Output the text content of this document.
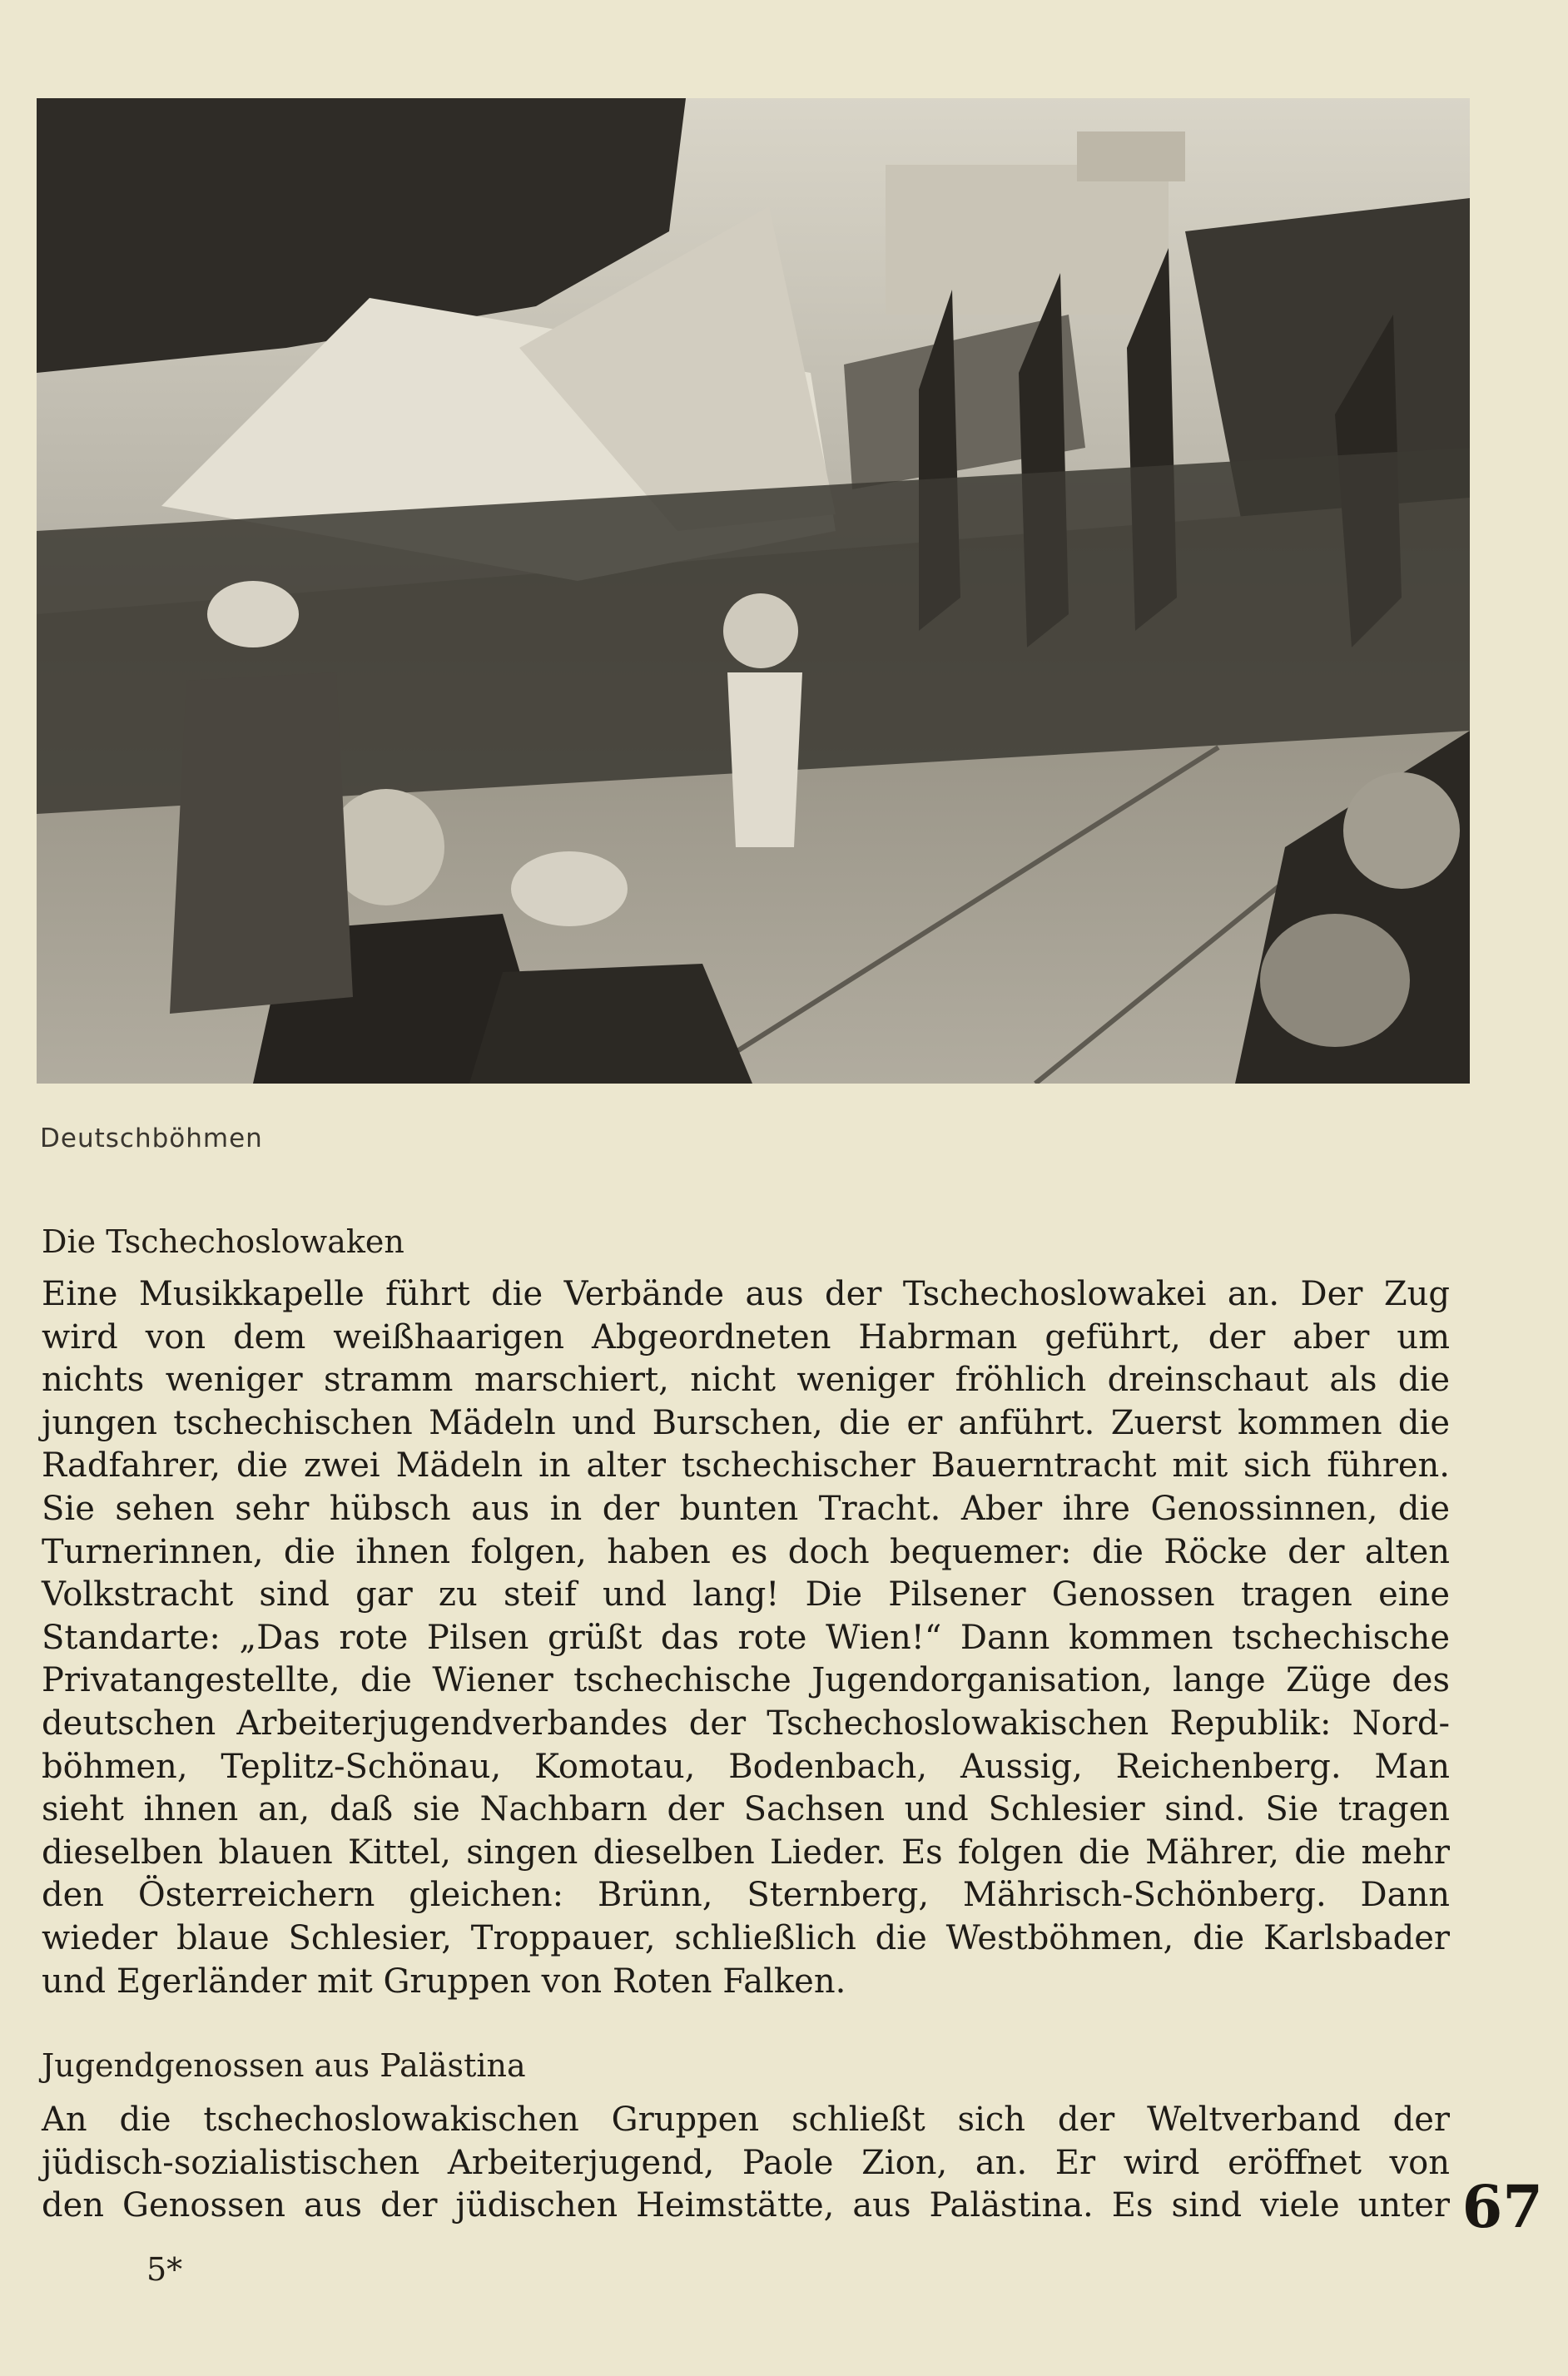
Deutschböhmen
Die Tschechoslowaken
Eine Musikkapelle führt die Verbände aus der Tschechoslowakei an. Der Zug
wird von dem weißhaarigen Abgeordneten Habrman geführt, der aber um
nichts weniger stramm marschiert, nicht weniger fröhlich dreinschaut als die
jungen tschechischen Mädeln und Burschen, die er anführt. Zuerst kommen die
Radfahrer, die zwei Mädeln in alter tschechischer Bauerntracht mit sich führen.
Sie sehen sehr hübsch aus in der bunten Tracht. Aber ihre Genossinnen, die
Turnerinnen, die ihnen folgen, haben es doch bequemer: die Röcke der alten
Volkstracht sind gar zu steif und lang! Die Pilsener Genossen tragen eine
Standarte: „Das rote Pilsen grüßt das rote Wien!“ Dann kommen tschechische
Privatangestellte, die Wiener tschechische Jugendorganisation, lange Züge des
deutschen Arbeiterjugendverbandes der Tschechoslowakischen Republik: Nord-
böhmen, Teplitz-Schönau, Komotau, Bodenbach, Aussig, Reichenberg. Man
sieht ihnen an, daß sie Nachbarn der Sachsen und Schlesier sind. Sie tragen
dieselben blauen Kittel, singen dieselben Lieder. Es folgen die Mährer, die mehr
den Österreichern gleichen: Brünn, Sternberg, Mährisch-Schönberg. Dann
wieder blaue Schlesier, Troppauer, schließlich die Westböhmen, die Karlsbader
und Egerländer mit Gruppen von Roten Falken.
Jugendgenossen aus Palästina
An die tschechoslowakischen Gruppen schließt sich der Weltverband der
jüdisch-sozialistischen Arbeiterjugend, Paole Zion, an. Er wird eröffnet von
den Genossen aus der jüdischen Heimstätte, aus Palästina. Es sind viele unter 67
5*
